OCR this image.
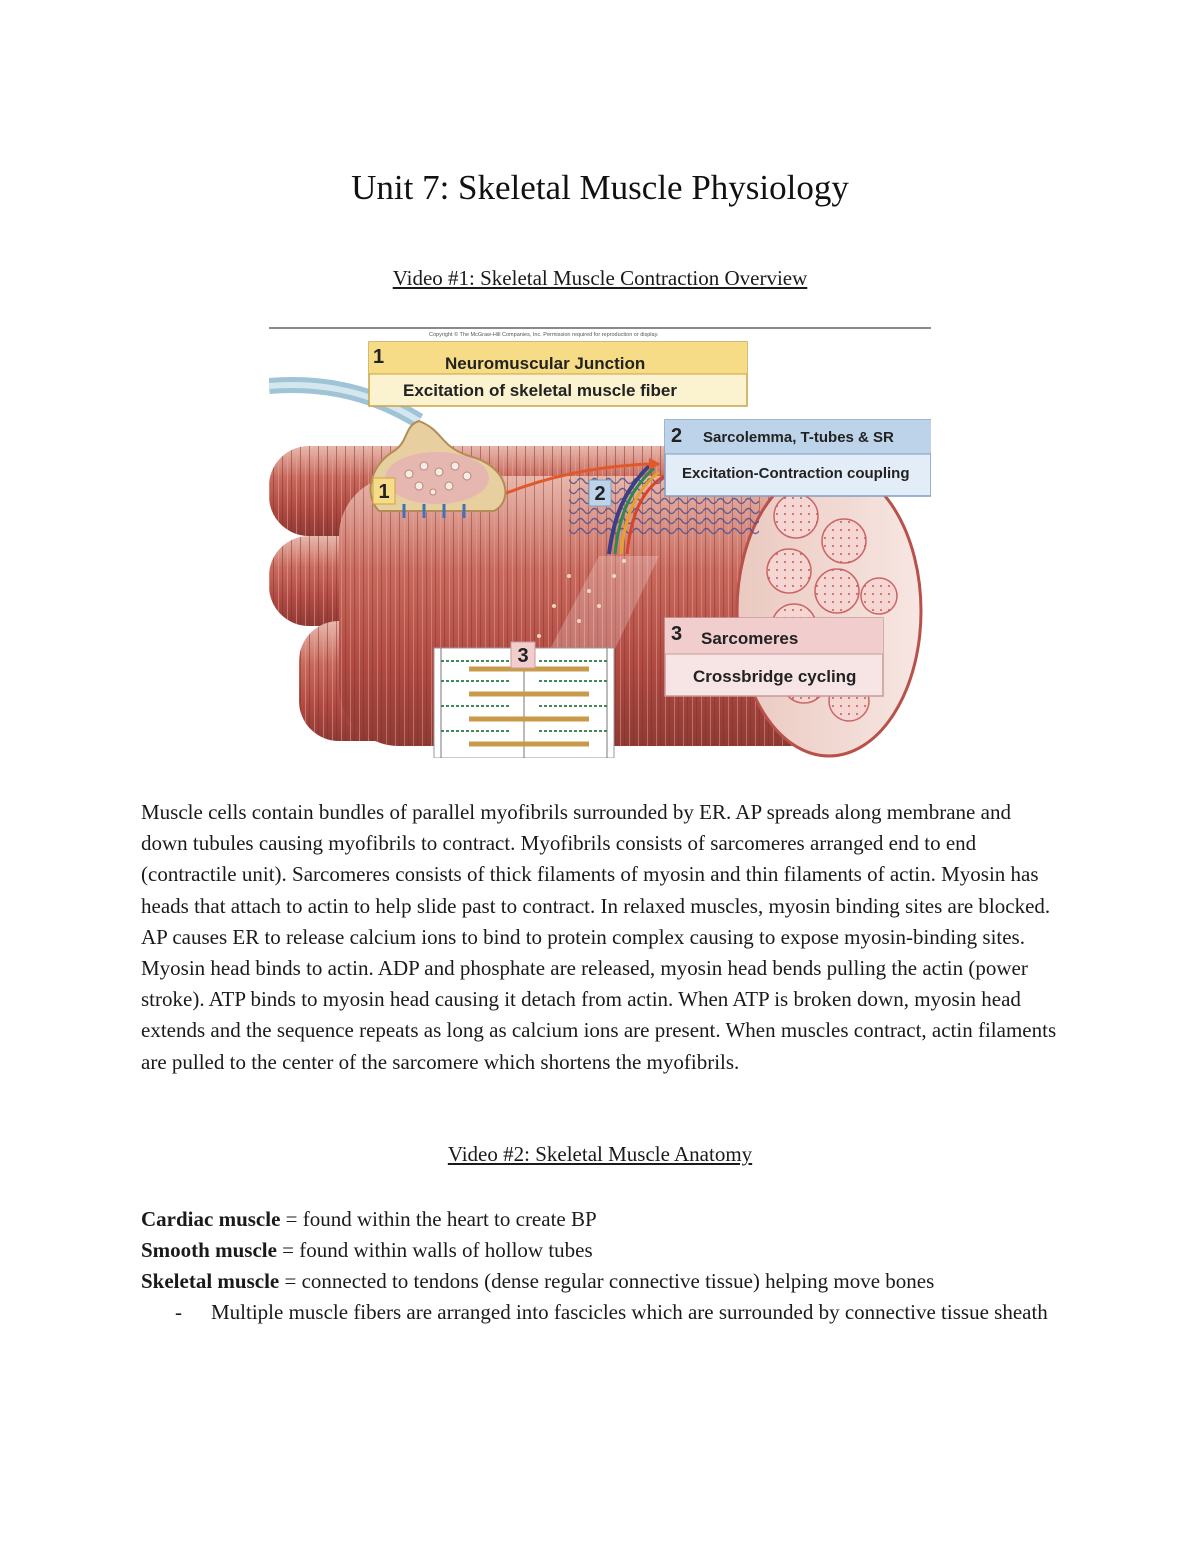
Unit 7: Skeletal Muscle Physiology
Video #1: Skeletal Muscle Contraction Overview
Copyright © The McGraw-Hill Companies, Inc. Permission required for reproduction or display.
1	2
3
1	Neuromuscular Junction
Excitation of skeletal muscle fiber
2 Sarcolemma, T-tubes & SR
Excitation-Contraction coupling
3 Sarcomeres
Crossbridge cycling

Muscle cells contain bundles of parallel myofibrils surrounded by ER. AP spreads along membrane and down tubules causing myofibrils to contract. Myofibrils consists of sarcomeres arranged end to end (contractile unit). Sarcomeres consists of thick filaments of myosin and thin filaments of actin. Myosin has heads that attach to actin to help slide past to contract. In relaxed muscles, myosin binding sites are blocked. AP causes ER to release calcium ions to bind to protein complex causing to expose myosin-binding sites. Myosin head binds to actin. ADP and phosphate are released, myosin head bends pulling the actin (power stroke). ATP binds to myosin head causing it detach from actin. When ATP is broken down, myosin head extends and the sequence repeats as long as calcium ions are present. When muscles contract, actin filaments are pulled to the center of the sarcomere which shortens the myofibrils.

Video #2: Skeletal Muscle Anatomy

Cardiac muscle = found within the heart to create BP

Smooth muscle = found within walls of hollow tubes

Skeletal muscle = connected to tendons (dense regular connective tissue) helping move bones

- Multiple muscle fibers are arranged into fascicles which are surrounded by connective tissue sheath
